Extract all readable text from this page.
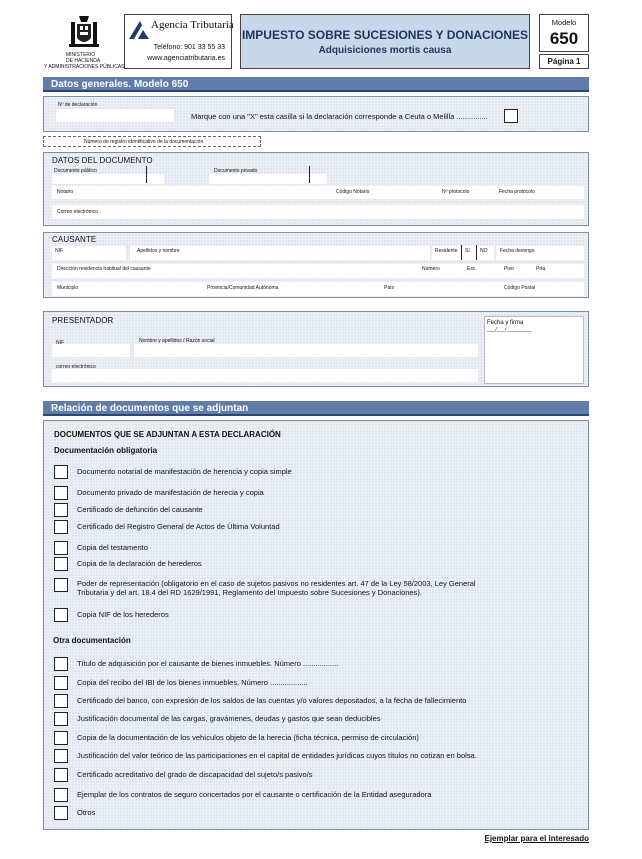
MINISTERIO
DE HACIENDA
Y ADMINISTRACIONES PÚBLICAS
Agencia Tributaria
Teléfono: 901 33 55 33
www.agenciatributaria.es
IMPUESTO SOBRE SUCESIONES Y DONACIONES
Adquisiciones mortis causa
Modelo
650
Página 1
Datos generales. Modelo 650
Nº de declaración
Marque con una "X" esta casilla si la declaración corresponde a Ceuta o Melilla ...............
Número de registro identificativo de la documentación
DATOS DEL DOCUMENTO
Documento público	Documento privado
Notario	Código Notario	Nº protocolo	Fecha protocolo
Correo electrónico
CAUSANTE
NIF	Apellidos y nombre	Residente SI NO	Fecha devengo
Dirección residencia habitual del causante	Número	Esc.	Piso	Prta.
Municipio	Provincia/Comunidad Autónoma	País	Código Postal
PRESENTADOR	Fecha y firma
___/___/_________
NIF	Nombre y apellidos / Razón social
correo electrónico
Relación de documentos que se adjuntan
DOCUMENTOS QUE SE ADJUNTAN A ESTA DECLARACIÓN
Documentación obligatoria
Documento notarial de manifestación de herencia y copia simple
Documento privado de manifestación de herecia y copia
Certificado de defunción del causante
Certificado del Registro General de Actos de Última Voluntad
Copia del testamento
Copia de la declaración de herederos
Poder de representación (obligatorio en el caso de sujetos pasivos no residentes art. 47 de la Ley 58/2003, Ley General
Tributaria y del art. 18.4 del RD 1629/1991, Reglamento del Impuesto sobre Sucesiones y Donaciones).
Copia NIF de los herederos
Otra documentación
Título de adquisición por el causante de bienes inmuebles. Número .................
Copia del recibo del IBI de los bienes inmuebles. Número ..................
Certificado del banco, con expresión de los saldos de las cuentas y/o valores depositados, a la fecha de fallecimiento
Justificación documental de las cargas, gravámenes, deudas y gastos que sean deducibles
Copia de la documentación de los vehículos objeto de la herecia (ficha técnica, permiso de circulación)
Justificación del valor teórico de las participaciones en el capital de entidades jurídicas cuyos títulos no cotizan en bolsa.
Certificado acreditativo del grado de discapacidad del sujeto/s pasivo/s
Ejemplar de los contratos de seguro concertados por el causante o certificación de la Entidad aseguradora
Otros
Ejemplar para el interesado
